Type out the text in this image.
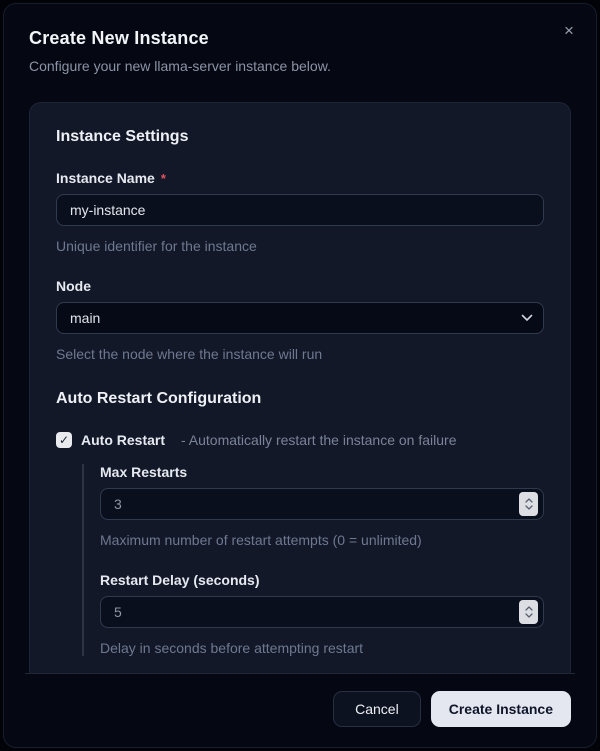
Create New Instance
Configure your new llama-server instance below.
×
Instance Settings
Instance Name *
my-instance
Unique identifier for the instance
Node
main
Select the node where the instance will run
Auto Restart Configuration
✓ Auto Restart - Automatically restart the instance on failure
Max Restarts
3
Maximum number of restart attempts (0 = unlimited)
Restart Delay (seconds)
5
Delay in seconds before attempting restart
Cancel	Create Instance
